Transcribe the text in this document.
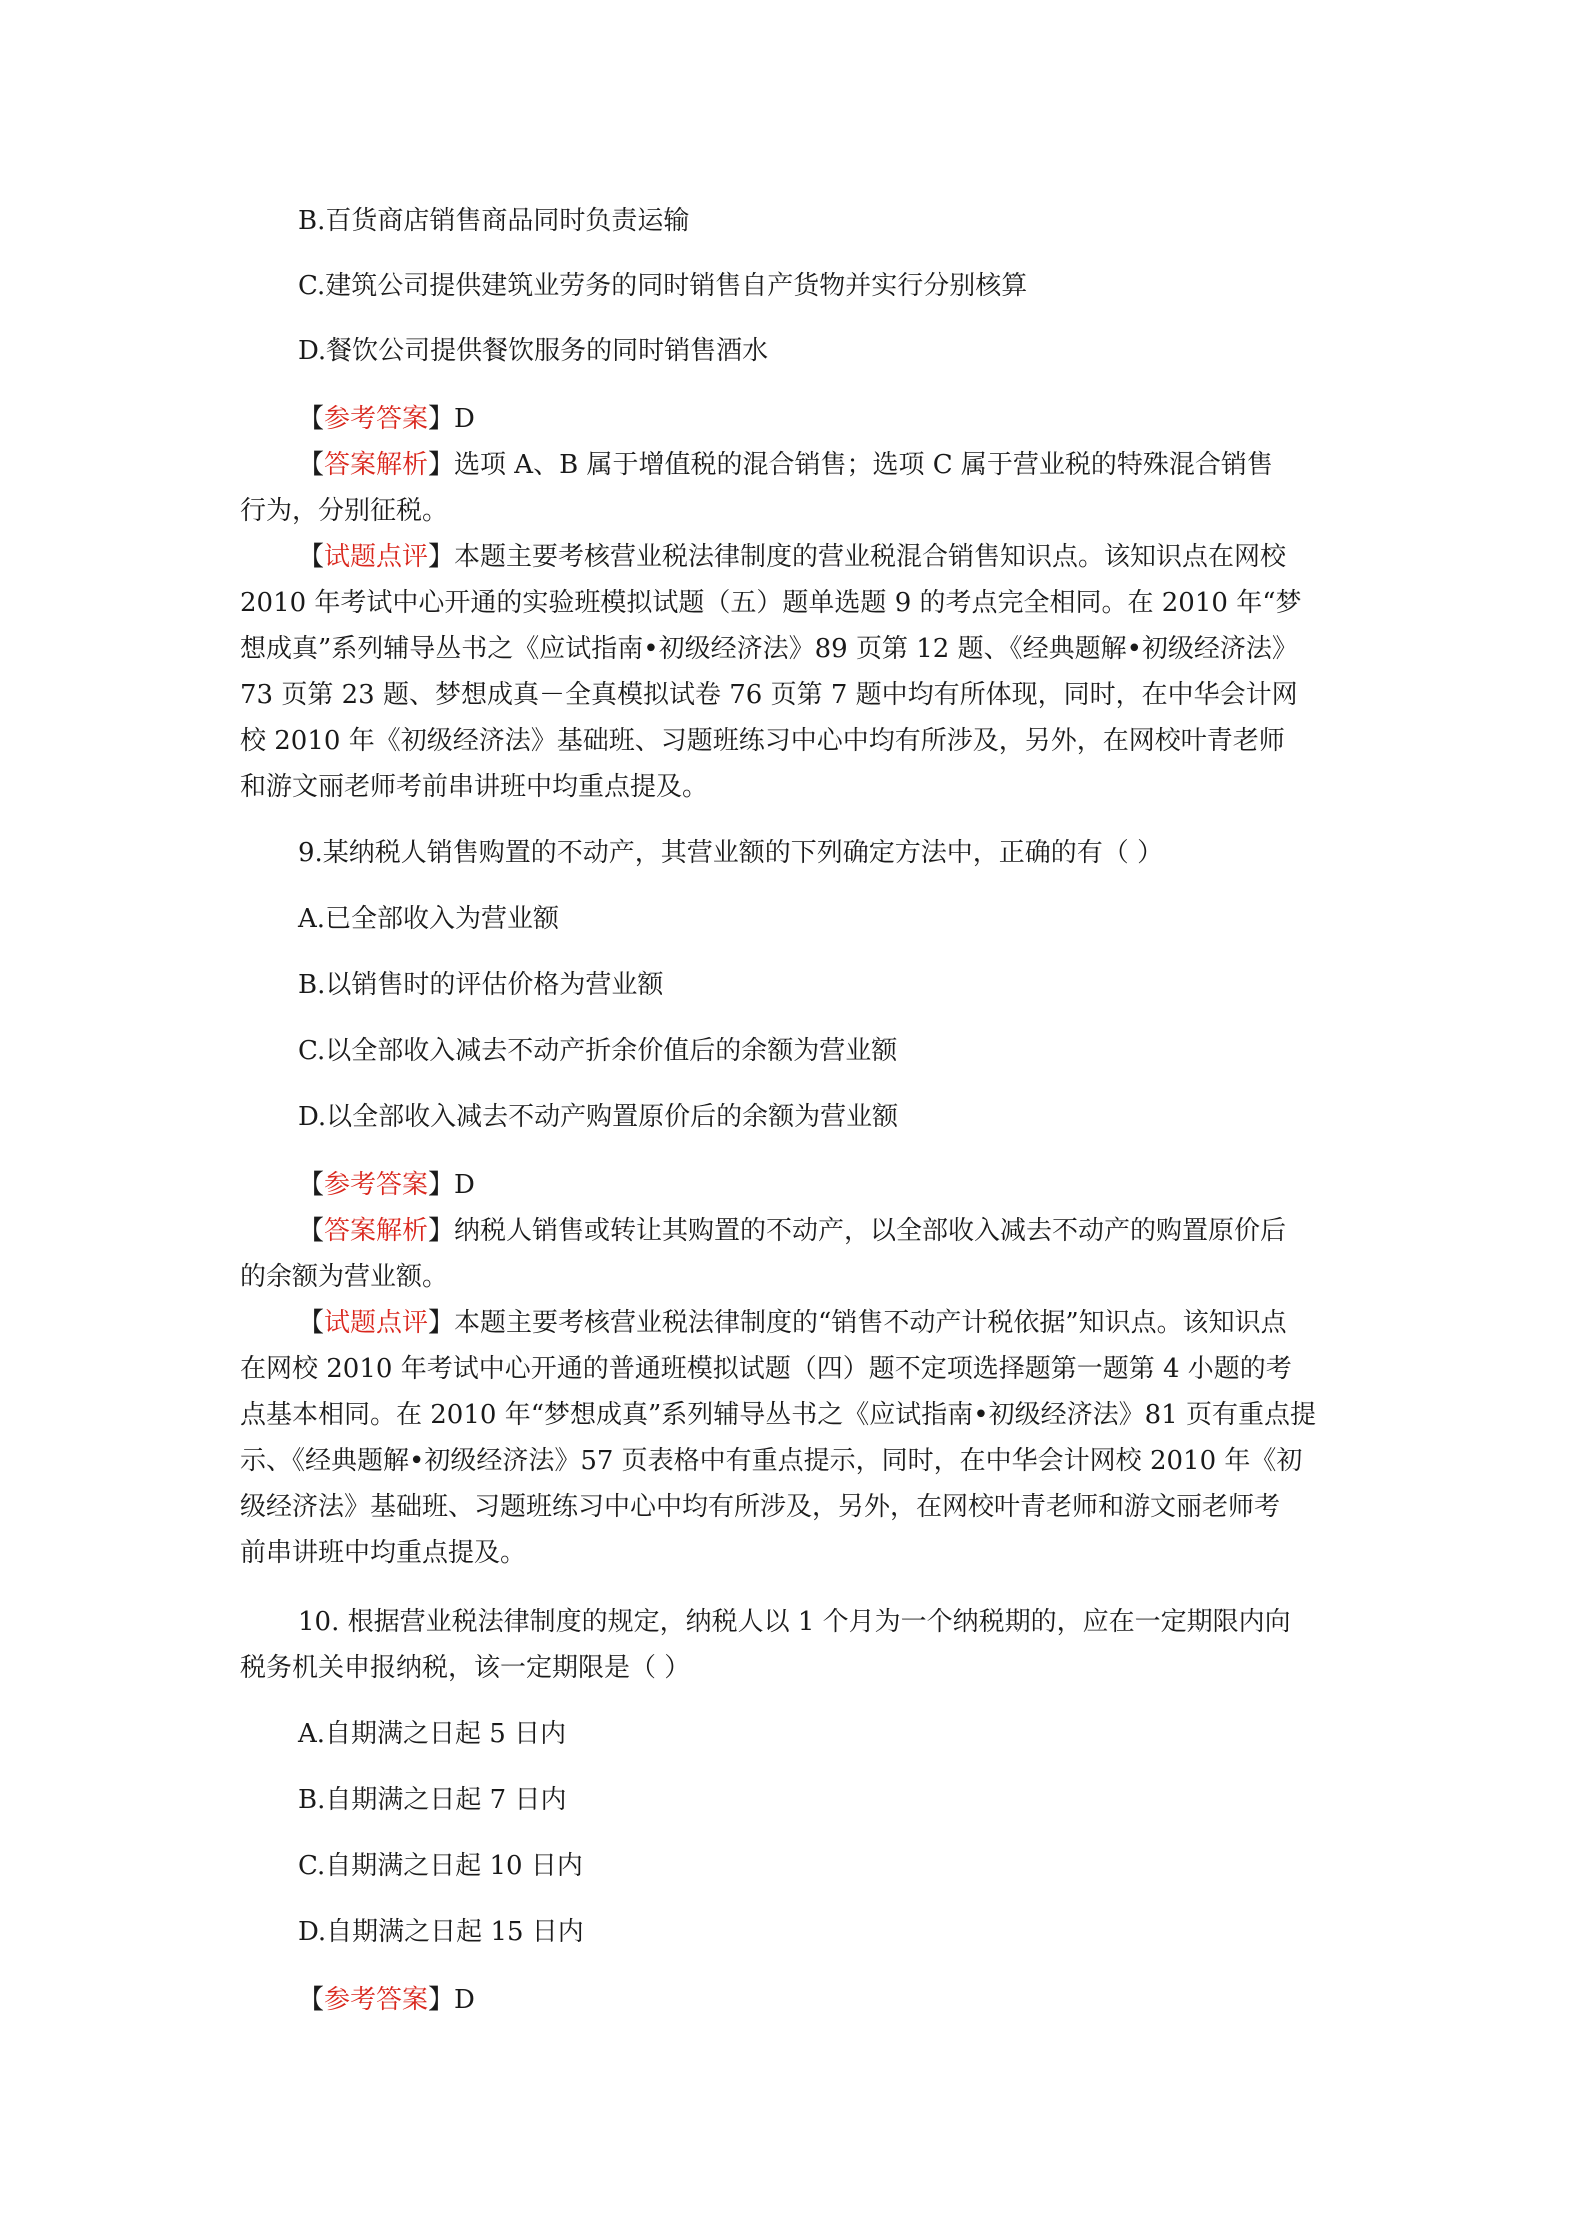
B.百货商店销售商品同时负责运输
C.建筑公司提供建筑业劳务的同时销售自产货物并实行分别核算
D.餐饮公司提供餐饮服务的同时销售酒水
【参考答案】D
【答案解析】选项 A、B 属于增值税的混合销售；选项 C 属于营业税的特殊混合销售
行为，分别征税。
【试题点评】本题主要考核营业税法律制度的营业税混合销售知识点。该知识点在网校
2010 年考试中心开通的实验班模拟试题（五）题单选题 9 的考点完全相同。在 2010 年“梦
想成真”系列辅导丛书之《应试指南•初级经济法》89 页第 12 题、《经典题解•初级经济法》
73 页第 23 题、梦想成真－全真模拟试卷 76 页第 7 题中均有所体现，同时，在中华会计网
校 2010 年《初级经济法》基础班、习题班练习中心中均有所涉及，另外，在网校叶青老师
和游文丽老师考前串讲班中均重点提及。
9.某纳税人销售购置的不动产，其营业额的下列确定方法中，正确的有（ ）
A.已全部收入为营业额
B.以销售时的评估价格为营业额
C.以全部收入减去不动产折余价值后的余额为营业额
D.以全部收入减去不动产购置原价后的余额为营业额
【参考答案】D
【答案解析】纳税人销售或转让其购置的不动产，以全部收入减去不动产的购置原价后
的余额为营业额。
【试题点评】本题主要考核营业税法律制度的“销售不动产计税依据”知识点。该知识点
在网校 2010 年考试中心开通的普通班模拟试题（四）题不定项选择题第一题第 4 小题的考
点基本相同。在 2010 年“梦想成真”系列辅导丛书之《应试指南•初级经济法》81 页有重点提
示、《经典题解•初级经济法》57 页表格中有重点提示，同时，在中华会计网校 2010 年《初
级经济法》基础班、习题班练习中心中均有所涉及，另外，在网校叶青老师和游文丽老师考
前串讲班中均重点提及。
10. 根据营业税法律制度的规定，纳税人以 1 个月为一个纳税期的，应在一定期限内向
税务机关申报纳税，该一定期限是（ ）
A.自期满之日起 5 日内
B.自期满之日起 7 日内
C.自期满之日起 10 日内
D.自期满之日起 15 日内
【参考答案】D
